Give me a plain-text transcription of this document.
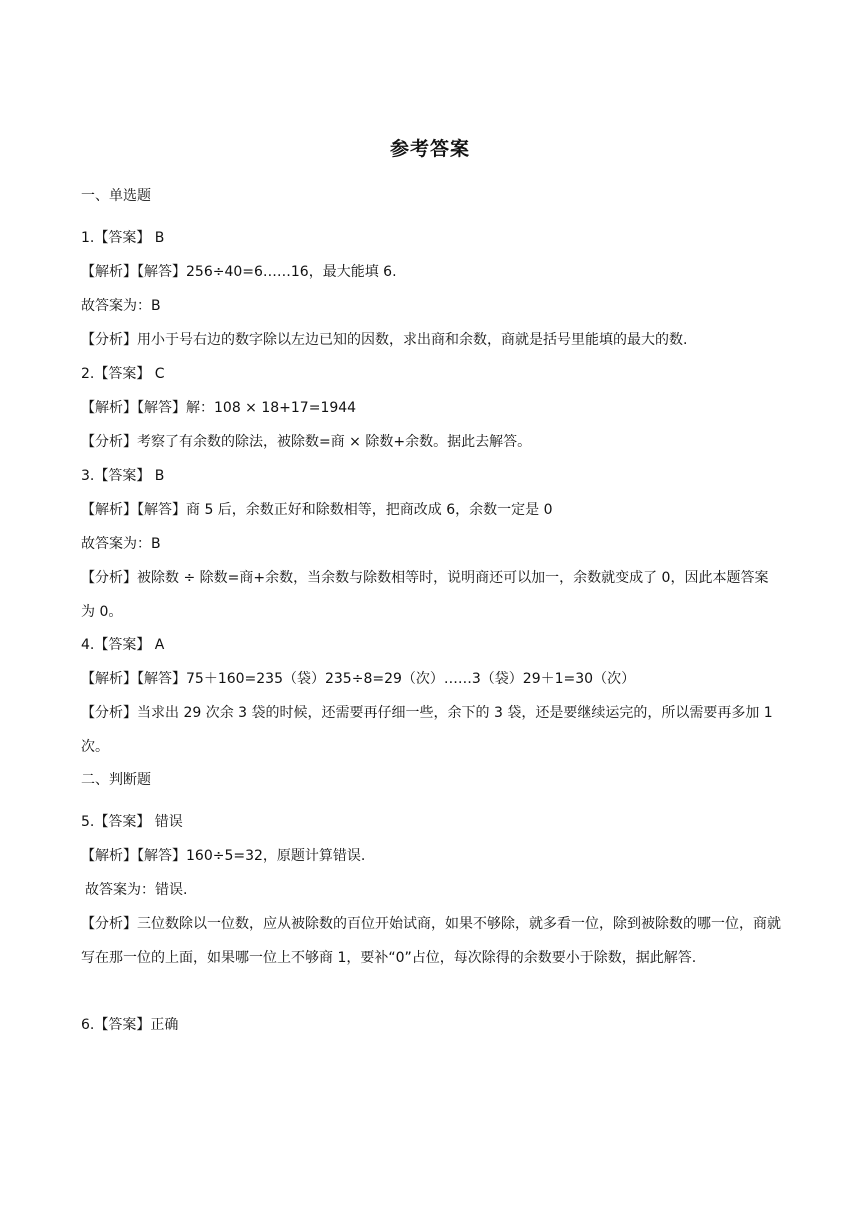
参考答案
一、单选题
1.【答案】 B
【解析】【解答】256÷40=6……16，最大能填 6.
故答案为：B
【分析】用小于号右边的数字除以左边已知的因数，求出商和余数，商就是括号里能填的最大的数.
2.【答案】 C
【解析】【解答】解：108 × 18+17=1944
【分析】考察了有余数的除法，被除数=商 × 除数+余数。据此去解答。
3.【答案】 B
【解析】【解答】商 5 后，余数正好和除数相等，把商改成 6，余数一定是 0
故答案为：B
【分析】被除数 ÷ 除数=商+余数，当余数与除数相等时，说明商还可以加一，余数就变成了 0，因此本题答案为 0。
4.【答案】 A
【解析】【解答】75＋160=235（袋）235÷8=29（次）……3（袋）29＋1=30（次）
【分析】当求出 29 次余 3 袋的时候，还需要再仔细一些，余下的 3 袋，还是要继续运完的，所以需要再多加 1 次。
二、判断题
5.【答案】 错误
【解析】【解答】160÷5=32，原题计算错误.
故答案为：错误.
【分析】三位数除以一位数，应从被除数的百位开始试商，如果不够除，就多看一位，除到被除数的哪一位，商就写在那一位的上面，如果哪一位上不够商 1，要补“0”占位，每次除得的余数要小于除数，据此解答.
6.【答案】正确
